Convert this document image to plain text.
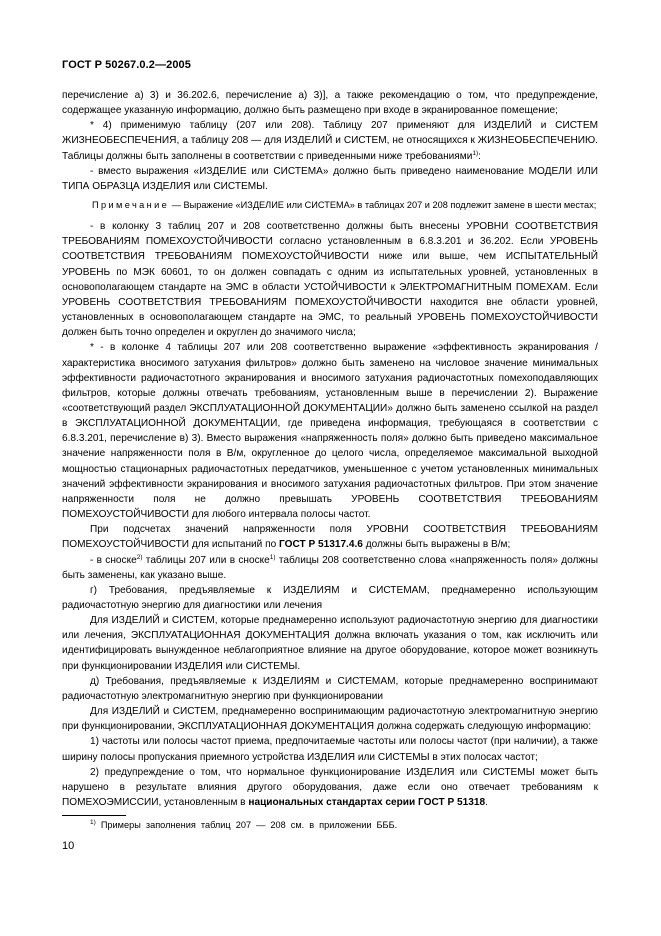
ГОСТ Р 50267.0.2—2005

перечисление а) 3) и 36.202.6, перечисление а) 3)], а также рекомендацию о том, что предупреждение, содержащее указанную информацию, должно быть размещено при входе в экранированное помещение;

* 4) применимую таблицу (207 или 208). Таблицу 207 применяют для ИЗДЕЛИЙ и СИСТЕМ ЖИЗНЕОБЕСПЕЧЕНИЯ, а таблицу 208 — для ИЗДЕЛИЙ и СИСТЕМ, не относящихся к ЖИЗНЕОБЕСПЕЧЕНИЮ. Таблицы должны быть заполнены в соответствии с приведенными ниже требованиями$^{1)}$:

- вместо выражения «ИЗДЕЛИЕ или СИСТЕМА» должно быть приведено наименование МОДЕЛИ ИЛИ ТИПА ОБРАЗЦА ИЗДЕЛИЯ или СИСТЕМЫ.

Примечание — Выражение «ИЗДЕЛИЕ или СИСТЕМА» в таблицах 207 и 208 подлежит замене в шести местах;

- в колонку 3 таблиц 207 и 208 соответственно должны быть внесены УРОВНИ СООТВЕТСТВИЯ ТРЕБОВАНИЯМ ПОМЕХОУСТОЙЧИВОСТИ согласно установленным в 6.8.3.201 и 36.202. Если УРОВЕНЬ СООТВЕТСТВИЯ ТРЕБОВАНИЯМ ПОМЕХОУСТОЙЧИВОСТИ ниже или выше, чем ИСПЫТАТЕЛЬНЫЙ УРОВЕНЬ по МЭК 60601, то он должен совпадать с одним из испытательных уровней, установленных в основополагающем стандарте на ЭМС в области УСТОЙЧИВОСТИ к ЭЛЕКТРОМАГНИТНЫМ ПОМЕХАМ. Если УРОВЕНЬ СООТВЕТСТВИЯ ТРЕБОВАНИЯМ ПОМЕХОУСТОЙЧИВОСТИ находится вне области уровней, установленных в основополагающем стандарте на ЭМС, то реальный УРОВЕНЬ ПОМЕХОУСТОЙЧИВОСТИ должен быть точно определен и округлен до значимого числа;

* - в колонке 4 таблицы 207 или 208 соответственно выражение «эффективность экранирования / характеристика вносимого затухания фильтров» должно быть заменено на числовое значение минимальных эффективности радиочастотного экранирования и вносимого затухания радиочастотных помехоподавляющих фильтров, которые должны отвечать требованиям, установленным выше в перечислении 2). Выражение «соответствующий раздел ЭКСПЛУАТАЦИОННОЙ ДОКУМЕНТАЦИИ» должно быть заменено ссылкой на раздел в ЭКСПЛУАТАЦИОННОЙ ДОКУМЕНТАЦИИ, где приведена информация, требующаяся в соответствии с 6.8.3.201, перечисление в) 3). Вместо выражения «напряженность поля» должно быть приведено максимальное значение напряженности поля в В/м, округленное до целого числа, определяемое максимальной выходной мощностью стационарных радиочастотных передатчиков, уменьшенное с учетом установленных минимальных значений эффективности экранирования и вносимого затухания радиочастотных фильтров. При этом значение напряженности поля не должно превышать УРОВЕНЬ СООТВЕТСТВИЯ ТРЕБОВАНИЯМ ПОМЕХОУСТОЙЧИВОСТИ для любого интервала полосы частот.

При подсчетах значений напряженности поля УРОВНИ СООТВЕТСТВИЯ ТРЕБОВАНИЯМ ПОМЕХОУСТОЙЧИВОСТИ для испытаний по ГОСТ Р 51317.4.6 должны быть выражены в В/м;

- в сноске$^{2)}$ таблицы 207 или в сноске$^{1)}$ таблицы 208 соответственно слова «напряженность поля» должны быть заменены, как указано выше.

г) Требования, предъявляемые к ИЗДЕЛИЯМ и СИСТЕМАМ, преднамеренно использующим радиочастотную энергию для диагностики или лечения

Для ИЗДЕЛИЙ и СИСТЕМ, которые преднамеренно используют радиочастотную энергию для диагностики или лечения, ЭКСПЛУАТАЦИОННАЯ ДОКУМЕНТАЦИЯ должна включать указания о том, как исключить или идентифицировать вынужденное неблагоприятное влияние на другое оборудование, которое может возникнуть при функционировании ИЗДЕЛИЯ или СИСТЕМЫ.

д) Требования, предъявляемые к ИЗДЕЛИЯМ и СИСТЕМАМ, которые преднамеренно воспринимают радиочастотную электромагнитную энергию при функционировании

Для ИЗДЕЛИЙ и СИСТЕМ, преднамеренно воспринимающим радиочастотную электромагнитную энергию при функционировании, ЭКСПЛУАТАЦИОННАЯ ДОКУМЕНТАЦИЯ должна содержать следующую информацию:

1) частоты или полосы частот приема, предпочитаемые частоты или полосы частот (при наличии), а также ширину полосы пропускания приемного устройства ИЗДЕЛИЯ или СИСТЕМЫ в этих полосах частот;

2) предупреждение о том, что нормальное функционирование ИЗДЕЛИЯ или СИСТЕМЫ может быть нарушено в результате влияния другого оборудования, даже если оно отвечает требованиям к ПОМЕХОЭМИССИИ, установленным в национальных стандартах серии ГОСТ Р 51318.

$^{1)}$ Примеры заполнения таблиц 207 — 208 см. в приложении БББ.
10
